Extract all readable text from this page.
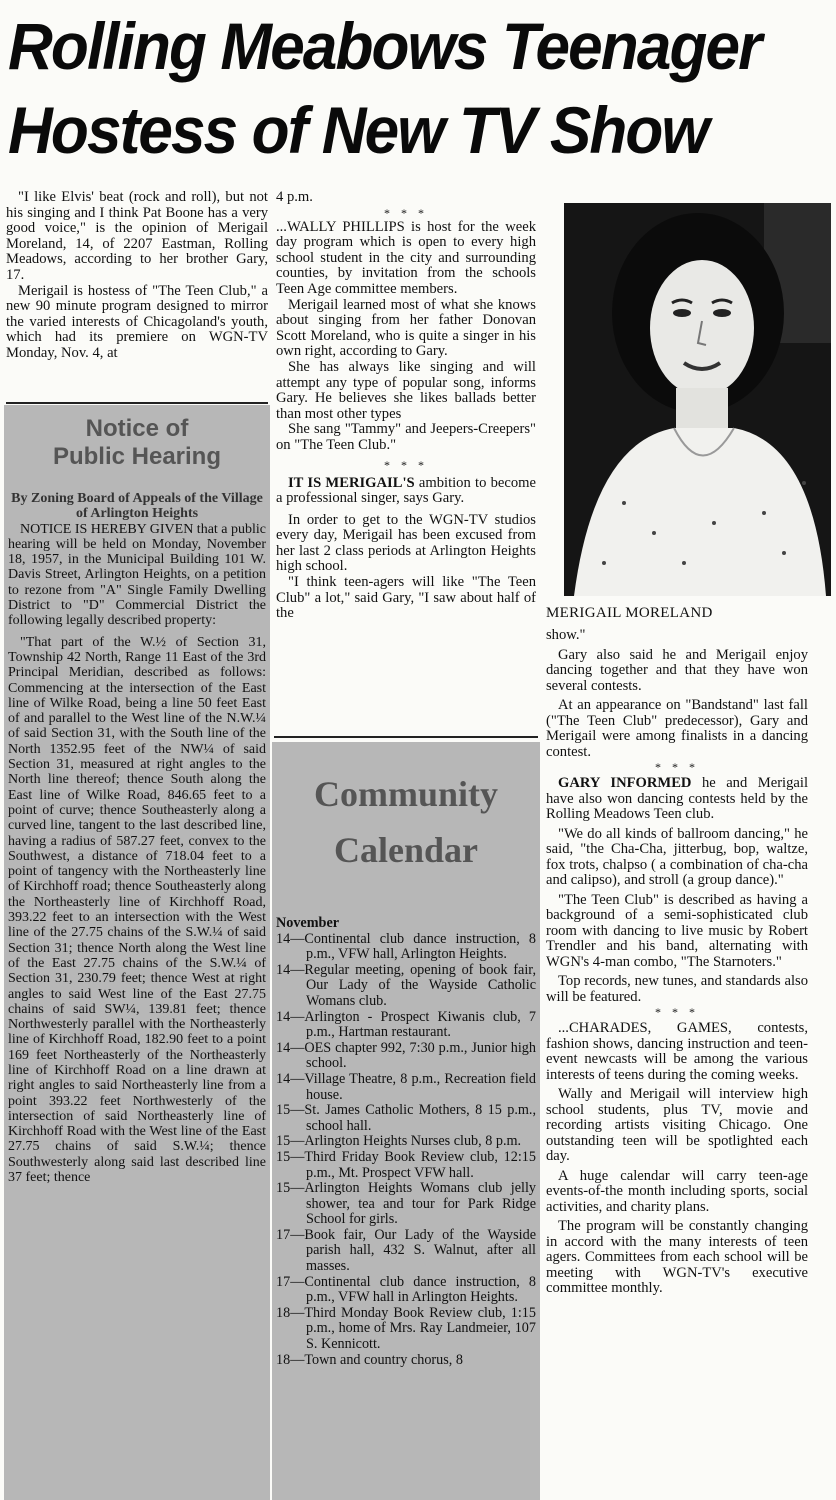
Rolling Meabows Teenager
Hostess of New TV Show

"I like Elvis' beat (rock and roll), but not his singing and I think Pat Boone has a very good voice," is the opinion of Merigail Moreland, 14, of 2207 Eastman, Rolling Meadows, according to her brother Gary, 17.

Merigail is hostess of "The Teen Club," a new 90 minute program designed to mirror the varied interests of Chicagoland's youth, which had its premiere on WGN-TV Monday, Nov. 4, at

Notice of
Public Hearing

By Zoning Board of Appeals of the Village of Arlington Heights

NOTICE IS HEREBY GIVEN that a public hearing will be held on Monday, November 18, 1957, in the Municipal Building 101 W. Davis Street, Arlington Heights, on a petition to rezone from "A" Single Family Dwelling District to "D" Commercial District the following legally described property:

"That part of the W.½ of Section 31, Township 42 North, Range 11 East of the 3rd Principal Meridian, described as follows: Commencing at the intersection of the East line of Wilke Road, being a line 50 feet East of and parallel to the West line of the N.W.¼ of said Section 31, with the South line of the North 1352.95 feet of the NW¼ of said Section 31, measured at right angles to the North line thereof; thence South along the East line of Wilke Road, 846.65 feet to a point of curve; thence Southeasterly along a curved line, tangent to the last described line, having a radius of 587.27 feet, convex to the Southwest, a distance of 718.04 feet to a point of tangency with the Northeasterly line of Kirchhoff road; thence Southeasterly along the Northeasterly line of Kirchhoff Road, 393.22 feet to an intersection with the West line of the 27.75 chains of the S.W.¼ of said Section 31; thence North along the West line of the East 27.75 chains of the S.W.¼ of Section 31, 230.79 feet; thence West at right angles to said West line of the East 27.75 chains of said SW¼, 139.81 feet; thence Northwesterly parallel with the Northeasterly line of Kirchhoff Road, 182.90 feet to a point 169 feet Northeasterly of the Northeasterly line of Kirchhoff Road on a line drawn at right angles to said Northeasterly line from a point 393.22 feet Northwesterly of the intersection of said Northeasterly line of Kirchhoff Road with the West line of the East 27.75 chains of said S.W.¼; thence Southwesterly along said last described line 37 feet; thence

4 p.m.

* * *

...WALLY PHILLIPS is host for the week day program which is open to every high school student in the city and surrounding counties, by invitation from the schools Teen Age committee members.

Merigail learned most of what she knows about singing from her father Donovan Scott Moreland, who is quite a singer in his own right, according to Gary.

She has always like singing and will attempt any type of popular song, informs Gary. He believes she likes ballads better than most other types

She sang "Tammy" and Jeepers-Creepers" on "The Teen Club."

* * *

IT IS MERIGAIL'S ambition to become a professional singer, says Gary.

In order to get to the WGN-TV studios every day, Merigail has been excused from her last 2 class periods at Arlington Heights high school.

"I think teen-agers will like "The Teen Club" a lot," said Gary, "I saw about half of the

Community
Calendar

November

14—Continental club dance instruction, 8 p.m., VFW hall, Arlington Heights.

14—Regular meeting, opening of book fair, Our Lady of the Wayside Catholic Womans club.

14—Arlington - Prospect Kiwanis club, 7 p.m., Hartman restaurant.

14—OES chapter 992, 7:30 p.m., Junior high school.

14—Village Theatre, 8 p.m., Recreation field house.

15—St. James Catholic Mothers, 8 15 p.m., school hall.

15—Arlington Heights Nurses club, 8 p.m.

15—Third Friday Book Review club, 12:15 p.m., Mt. Prospect VFW hall.

15—Arlington Heights Womans club jelly shower, tea and tour for Park Ridge School for girls.

17—Book fair, Our Lady of the Wayside parish hall, 432 S. Walnut, after all masses.

17—Continental club dance instruction, 8 p.m., VFW hall in Arlington Heights.

18—Third Monday Book Review club, 1:15 p.m., home of Mrs. Ray Landmeier, 107 S. Kennicott.

18—Town and country chorus, 8

MERIGAIL MORELAND

show."

Gary also said he and Merigail enjoy dancing together and that they have won several contests.

At an appearance on "Bandstand" last fall ("The Teen Club" predecessor), Gary and Merigail were among finalists in a dancing contest.

* * *

GARY INFORMED he and Merigail have also won dancing contests held by the Rolling Meadows Teen club.

"We do all kinds of ballroom dancing," he said, "the Cha-Cha, jitterbug, bop, waltze, fox trots, chalpso ( a combination of cha-cha and calipso), and stroll (a group dance)."

"The Teen Club" is described as having a background of a semi-sophisticated club room with dancing to live music by Robert Trendler and his band, alternating with WGN's 4-man combo, "The Starnoters."

Top records, new tunes, and standards also will be featured.

* * *

...CHARADES, GAMES, contests, fashion shows, dancing instruction and teen-event newcasts will be among the various interests of teens during the coming weeks.

Wally and Merigail will interview high school students, plus TV, movie and recording artists visiting Chicago. One outstanding teen will be spotlighted each day.

A huge calendar will carry teen-age events-of-the month including sports, social activities, and charity plans.

The program will be constantly changing in accord with the many interests of teen agers. Committees from each school will be meeting with WGN-TV's executive committee monthly.
